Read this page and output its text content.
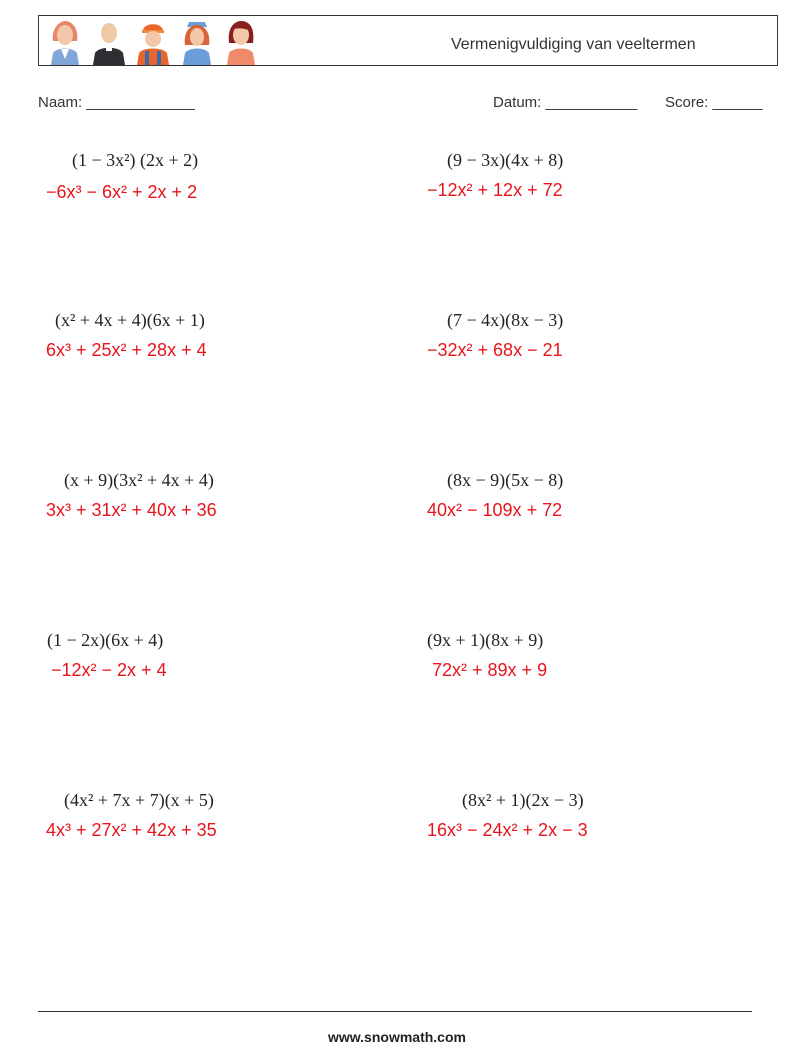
Vermenigvuldiging van veeltermen
Naam: _____________	Datum: ___________ Score: ______
(1 − 3x²) (2x + 2)
−6x³ − 6x² + 2x + 2
(9 − 3x)(4x + 8)
−12x² + 12x + 72
(x² + 4x + 4)(6x + 1)
6x³ + 25x² + 28x + 4
(7 − 4x)(8x − 3)
−32x² + 68x − 21
(x + 9)(3x² + 4x + 4)
3x³ + 31x² + 40x + 36
(8x − 9)(5x − 8)
40x² − 109x + 72
(1 − 2x)(6x + 4)
−12x² − 2x + 4
(9x + 1)(8x + 9)
72x² + 89x + 9
(4x² + 7x + 7)(x + 5)
4x³ + 27x² + 42x + 35
(8x² + 1)(2x − 3)
16x³ − 24x² + 2x − 3
www.snowmath.com
